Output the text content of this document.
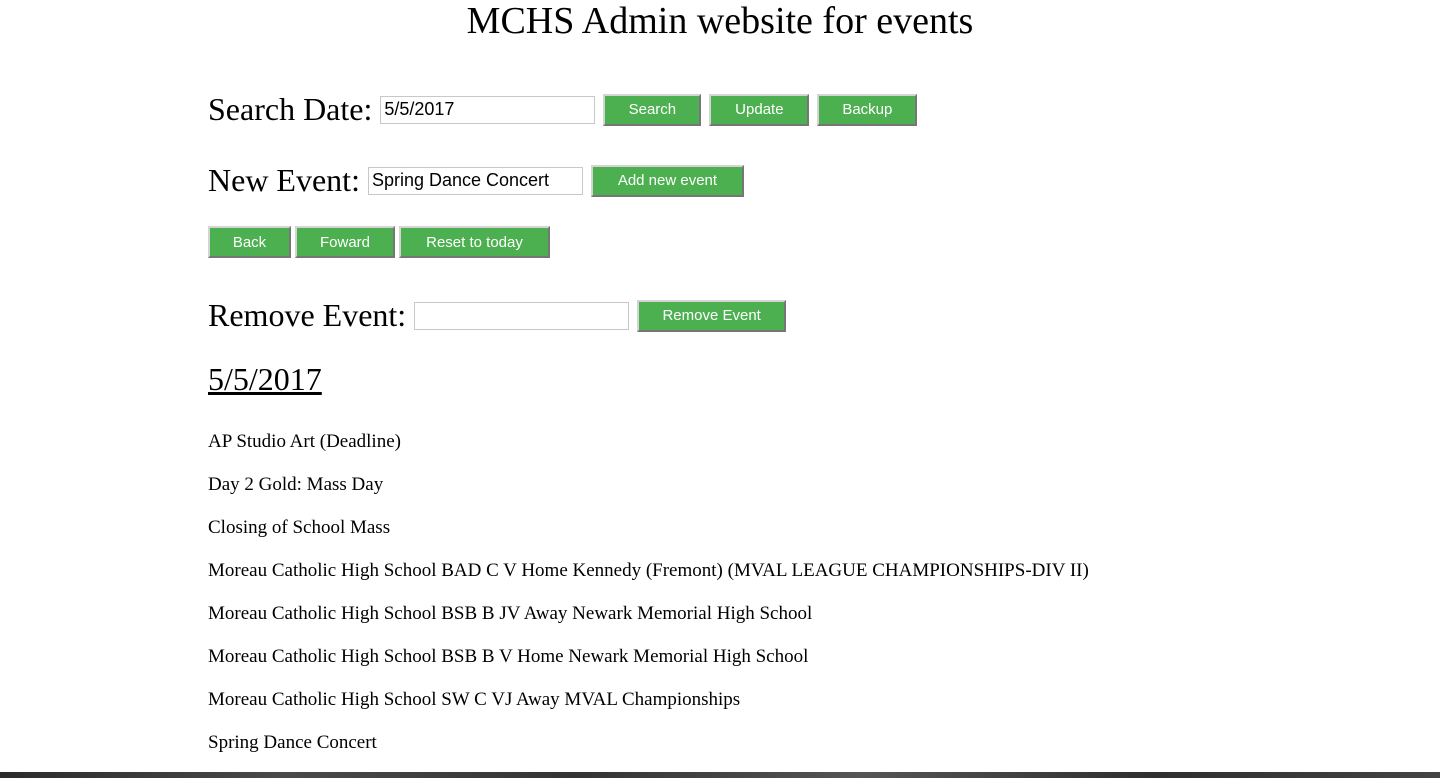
MCHS Admin website for events
Search Date:
5/5/2017	Search	Update	Backup
New Event:
Spring Dance Concert	Add new event
Back	Foward	Reset to today
Remove Event:	Remove Event
5/5/2017
AP Studio Art (Deadline)
Day 2 Gold: Mass Day
Closing of School Mass
Moreau Catholic High School BAD C V Home Kennedy (Fremont) (MVAL LEAGUE CHAMPIONSHIPS-DIV II)
Moreau Catholic High School BSB B JV Away Newark Memorial High School
Moreau Catholic High School BSB B V Home Newark Memorial High School
Moreau Catholic High School SW C VJ Away MVAL Championships
Spring Dance Concert
